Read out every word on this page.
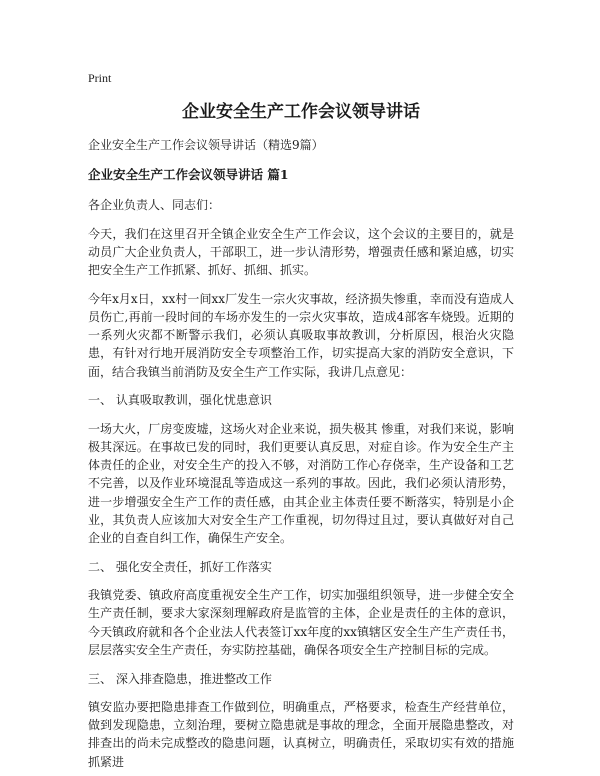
Print
企业安全生产工作会议领导讲话
企业安全生产工作会议领导讲话（精选9篇）
企业安全生产工作会议领导讲话 篇1
各企业负责人、同志们：
今天，我们在这里召开全镇企业安全生产工作会议，这个会议的主要目的，就是动员广大企业负责人，干部职工，进一步认清形势，增强责任感和紧迫感，切实把安全生产工作抓紧、抓好、抓细、抓实。
今年x月x日，xx村一间xx厂发生一宗火灾事故，经济损失惨重，幸而没有造成人员伤亡,再前一段时间的车场亦发生的一宗火灾事故，造成4部客车烧毁。近期的一系列火灾都不断警示我们，必须认真吸取事故教训，分析原因，根治火灾隐患，有针对行地开展消防安全专项整治工作，切实提高大家的消防安全意识，下面，结合我镇当前消防及安全生产工作实际，我讲几点意见：
一、 认真吸取教训，强化忧患意识
一场大火，厂房变废墟，这场火对企业来说，损失极其 惨重，对我们来说，影响极其深远。在事故已发的同时，我们更要认真反思，对症自诊。作为安全生产主体责任的企业，对安全生产的投入不够，对消防工作心存侥幸，生产设备和工艺不完善，以及作业环境混乱等造成这一系列的事故。因此，我们必须认清形势，进一步增强安全生产工作的责任感，由其企业主体责任要不断落实，特别是小企业，其负责人应该加大对安全生产工作重视，切勿得过且过，要认真做好对自己企业的自查自纠工作，确保生产安全。
二、 强化安全责任，抓好工作落实
我镇党委、镇政府高度重视安全生产工作，切实加强组织领导，进一步健全安全生产责任制，要求大家深刻理解政府是监管的主体，企业是责任的主体的意识，今天镇政府就和各个企业法人代表签订xx年度的xx镇辖区安全生产生产责任书，层层落实安全生产责任，夯实防控基础，确保各项安全生产控制目标的完成。
三、 深入排查隐患，推进整改工作
镇安监办要把隐患排查工作做到位，明确重点，严格要求，检查生产经营单位，做到发现隐患，立刻治理，要树立隐患就是事故的理念，全面开展隐患整改，对排查出的尚未完成整改的隐患问题，认真树立，明确责任，采取切实有效的措施抓紧进
